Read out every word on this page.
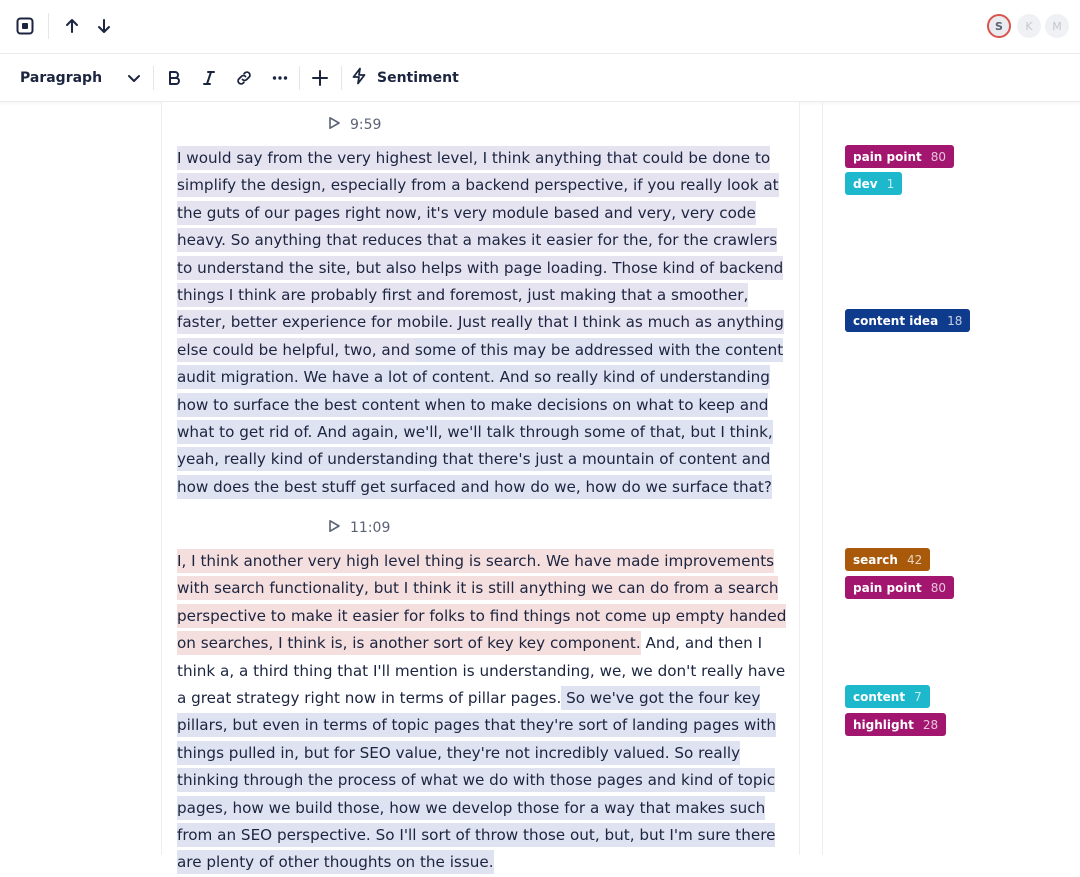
S	K	M
Paragraph	Sentiment
9:59

I would say from the very highest level, I think anything that could be done to simplify the design, especially from a backend perspective, if you really look at the guts of our pages right now, it's very module based and very, very code heavy. So anything that reduces that a makes it easier for the, for the crawlers to understand the site, but also helps with page loading. Those kind of backend things I think are probably first and foremost, just making that a smoother, faster, better experience for mobile. Just really that I think as much as anything else could be helpful, two, and some of this may be addressed with the content audit migration. We have a lot of content. And so really kind of understanding how to surface the best content when to make decisions on what to keep and what to get rid of. And again, we'll, we'll talk through some of that, but I think, yeah, really kind of understanding that there's just a mountain of content and how does the best stuff get surfaced and how do we, how do we surface that?

11:09

I, I think another very high level thing is search. We have made improvements with search functionality, but I think it is still anything we can do from a search perspective to make it easier for folks to find things not come up empty handed on searches, I think is, is another sort of key key component. And, and then I think a, a third thing that I'll mention is understanding, we, we don't really have a great strategy right now in terms of pillar pages. So we've got the four key pillars, but even in terms of topic pages that they're sort of landing pages with things pulled in, but for SEO value, they're not incredibly valued. So really thinking through the process of what we do with those pages and kind of topic pages, how we build those, how we develop those for a way that makes such from an SEO perspective. So I'll sort of throw those out, but, but I'm sure there are plenty of other thoughts on the issue.

pain point 80
dev 1
content idea 18
search 42
pain point 80
content 7
highlight 28
